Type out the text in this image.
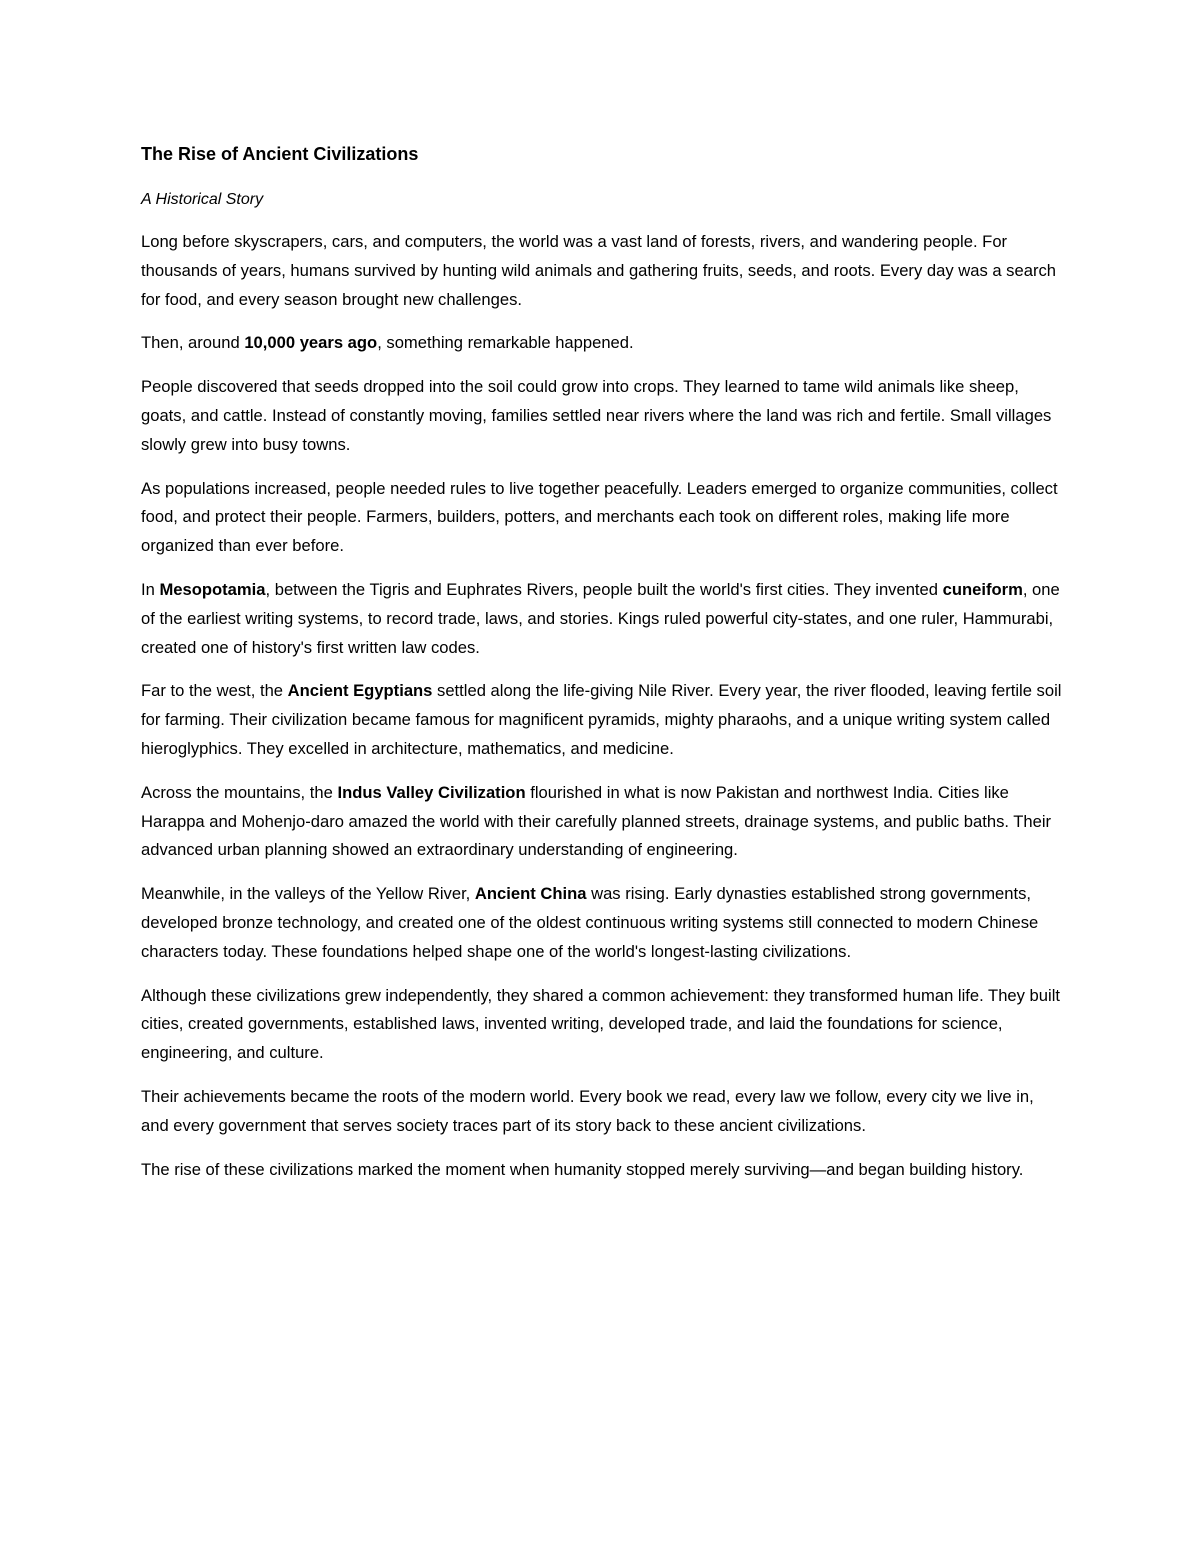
The Rise of Ancient Civilizations
A Historical Story

Long before skyscrapers, cars, and computers, the world was a vast land of forests, rivers, and wandering people. For thousands of years, humans survived by hunting wild animals and gathering fruits, seeds, and roots. Every day was a search for food, and every season brought new challenges.

Then, around 10,000 years ago, something remarkable happened.

People discovered that seeds dropped into the soil could grow into crops. They learned to tame wild animals like sheep, goats, and cattle. Instead of constantly moving, families settled near rivers where the land was rich and fertile. Small villages slowly grew into busy towns.

As populations increased, people needed rules to live together peacefully. Leaders emerged to organize communities, collect food, and protect their people. Farmers, builders, potters, and merchants each took on different roles, making life more organized than ever before.

In Mesopotamia, between the Tigris and Euphrates Rivers, people built the world's first cities. They invented cuneiform, one of the earliest writing systems, to record trade, laws, and stories. Kings ruled powerful city-states, and one ruler, Hammurabi, created one of history's first written law codes.

Far to the west, the Ancient Egyptians settled along the life-giving Nile River. Every year, the river flooded, leaving fertile soil for farming. Their civilization became famous for magnificent pyramids, mighty pharaohs, and a unique writing system called hieroglyphics. They excelled in architecture, mathematics, and medicine.

Across the mountains, the Indus Valley Civilization flourished in what is now Pakistan and northwest India. Cities like Harappa and Mohenjo-daro amazed the world with their carefully planned streets, drainage systems, and public baths. Their advanced urban planning showed an extraordinary understanding of engineering.

Meanwhile, in the valleys of the Yellow River, Ancient China was rising. Early dynasties established strong governments, developed bronze technology, and created one of the oldest continuous writing systems still connected to modern Chinese characters today. These foundations helped shape one of the world's longest-lasting civilizations.

Although these civilizations grew independently, they shared a common achievement: they transformed human life. They built cities, created governments, established laws, invented writing, developed trade, and laid the foundations for science, engineering, and culture.

Their achievements became the roots of the modern world. Every book we read, every law we follow, every city we live in, and every government that serves society traces part of its story back to these ancient civilizations.

The rise of these civilizations marked the moment when humanity stopped merely surviving—and began building history.
